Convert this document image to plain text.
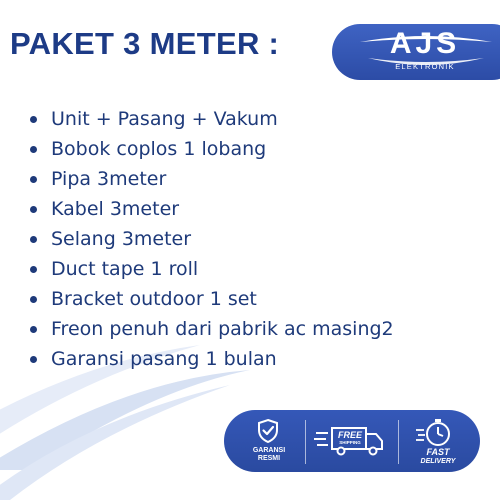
PAKET 3 METER :	AJS
ELEKTRONIK
Unit + Pasang + Vakum
Bobok coplos 1 lobang
Pipa 3meter
Kabel 3meter
Selang 3meter
Duct tape 1 roll
Bracket outdoor 1 set
Freon penuh dari pabrik ac masing2
Garansi pasang 1 bulan
GARANSI
RESMI
FREE
SHIPPING
FAST
DELIVERY
